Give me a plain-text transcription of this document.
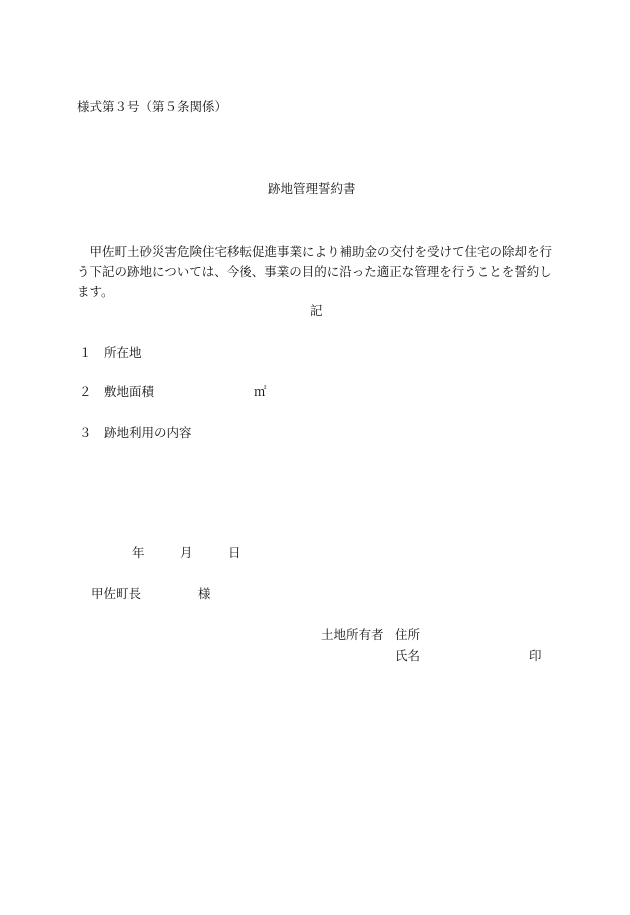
様式第３号（第５条関係）
跡地管理誓約書
甲佐町土砂災害危険住宅移転促進事業により補助金の交付を受けて住宅の除却を行う下記の跡地については、今後、事業の目的に沿った適正な管理を行うことを誓約します。
記
１　所在地
２　敷地面積	㎡
３　跡地利用の内容
年	月	日
甲佐町長	様
土地所有者 住所
氏名	印
